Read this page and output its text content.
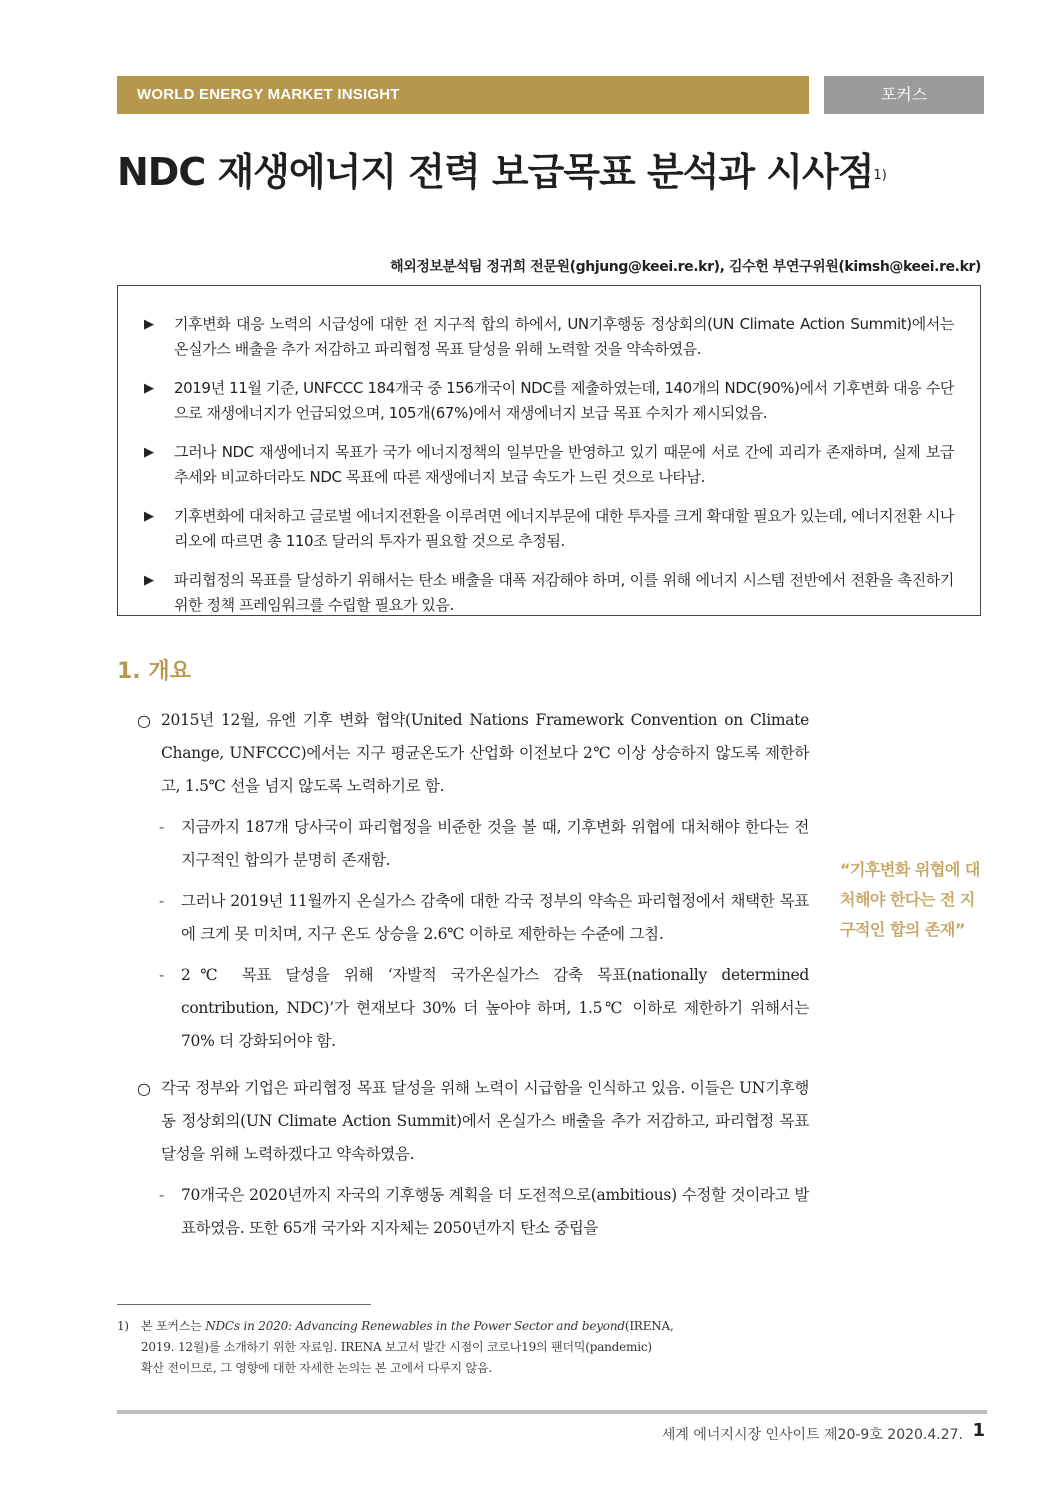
WORLD ENERGY MARKET INSIGHT	포커스
NDC 재생에너지 전력 보급목표 분석과 시사점$^{1)}$
해외정보분석팀 정귀희 전문원(ghjung@keei.re.kr), 김수헌 부연구위원(kimsh@keei.re.kr)
▶	기후변화 대응 노력의 시급성에 대한 전 지구적 합의 하에서, UN기후행동 정상회의(UN Climate Action Summit)에서는 온실가스 배출을 추가 저감하고 파리협정 목표 달성을 위해 노력할 것을 약속하였음.
▶	2019년 11월 기준, UNFCCC 184개국 중 156개국이 NDC를 제출하였는데, 140개의 NDC(90%)에서 기후변화 대응 수단으로 재생에너지가 언급되었으며, 105개(67%)에서 재생에너지 보급 목표 수치가 제시되었음.
▶	그러나 NDC 재생에너지 목표가 국가 에너지정책의 일부만을 반영하고 있기 때문에 서로 간에 괴리가 존재하며, 실제 보급 추세와 비교하더라도 NDC 목표에 따른 재생에너지 보급 속도가 느린 것으로 나타남.
▶	기후변화에 대처하고 글로벌 에너지전환을 이루려면 에너지부문에 대한 투자를 크게 확대할 필요가 있는데, 에너지전환 시나리오에 따르면 총 110조 달러의 투자가 필요할 것으로 추정됨.
▶	파리협정의 목표를 달성하기 위해서는 탄소 배출을 대폭 저감해야 하며, 이를 위해 에너지 시스템 전반에서 전환을 촉진하기 위한 정책 프레임워크를 수립할 필요가 있음.
1. 개요
○ 2015년 12월, 유엔 기후 변화 협약(United Nations Framework Convention on Climate Change, UNFCCC)에서는 지구 평균온도가 산업화 이전보다 2℃ 이상 상승하지 않도록 제한하고, 1.5℃ 선을 넘지 않도록 노력하기로 함.
-	지금까지 187개 당사국이 파리협정을 비준한 것을 볼 때, 기후변화 위협에 대처해야 한다는 전 지구적인 합의가 분명히 존재함.
-	그러나 2019년 11월까지 온실가스 감축에 대한 각국 정부의 약속은 파리협정에서 채택한 목표에 크게 못 미치며, 지구 온도 상승을 2.6℃ 이하로 제한하는 수준에 그침.
-	2℃ 목표 달성을 위해 ‘자발적 국가온실가스 감축 목표(nationally determined contribution, NDC)’가 현재보다 30% 더 높아야 하며, 1.5℃ 이하로 제한하기 위해서는 70% 더 강화되어야 함.
○ 각국 정부와 기업은 파리협정 목표 달성을 위해 노력이 시급함을 인식하고 있음. 이들은 UN기후행동 정상회의(UN Climate Action Summit)에서 온실가스 배출을 추가 저감하고, 파리협정 목표 달성을 위해 노력하겠다고 약속하였음.
-	70개국은 2020년까지 자국의 기후행동 계획을 더 도전적으로(ambitious) 수정할 것이라고 발표하였음. 또한 65개 국가와 지자체는 2050년까지 탄소 중립을
“기후변화 위협에 대처해야 한다는 전 지구적인 합의 존재”
1) 본 포커스는 NDCs in 2020: Advancing Renewables in the Power Sector and beyond(IRENA,
2019. 12월)를 소개하기 위한 자료임. IRENA 보고서 발간 시점이 코로나19의 팬더믹(pandemic)
확산 전이므로, 그 영향에 대한 자세한 논의는 본 고에서 다루지 않음.
세계 에너지시장 인사이트 제20-9호 2020.4.27. 1
